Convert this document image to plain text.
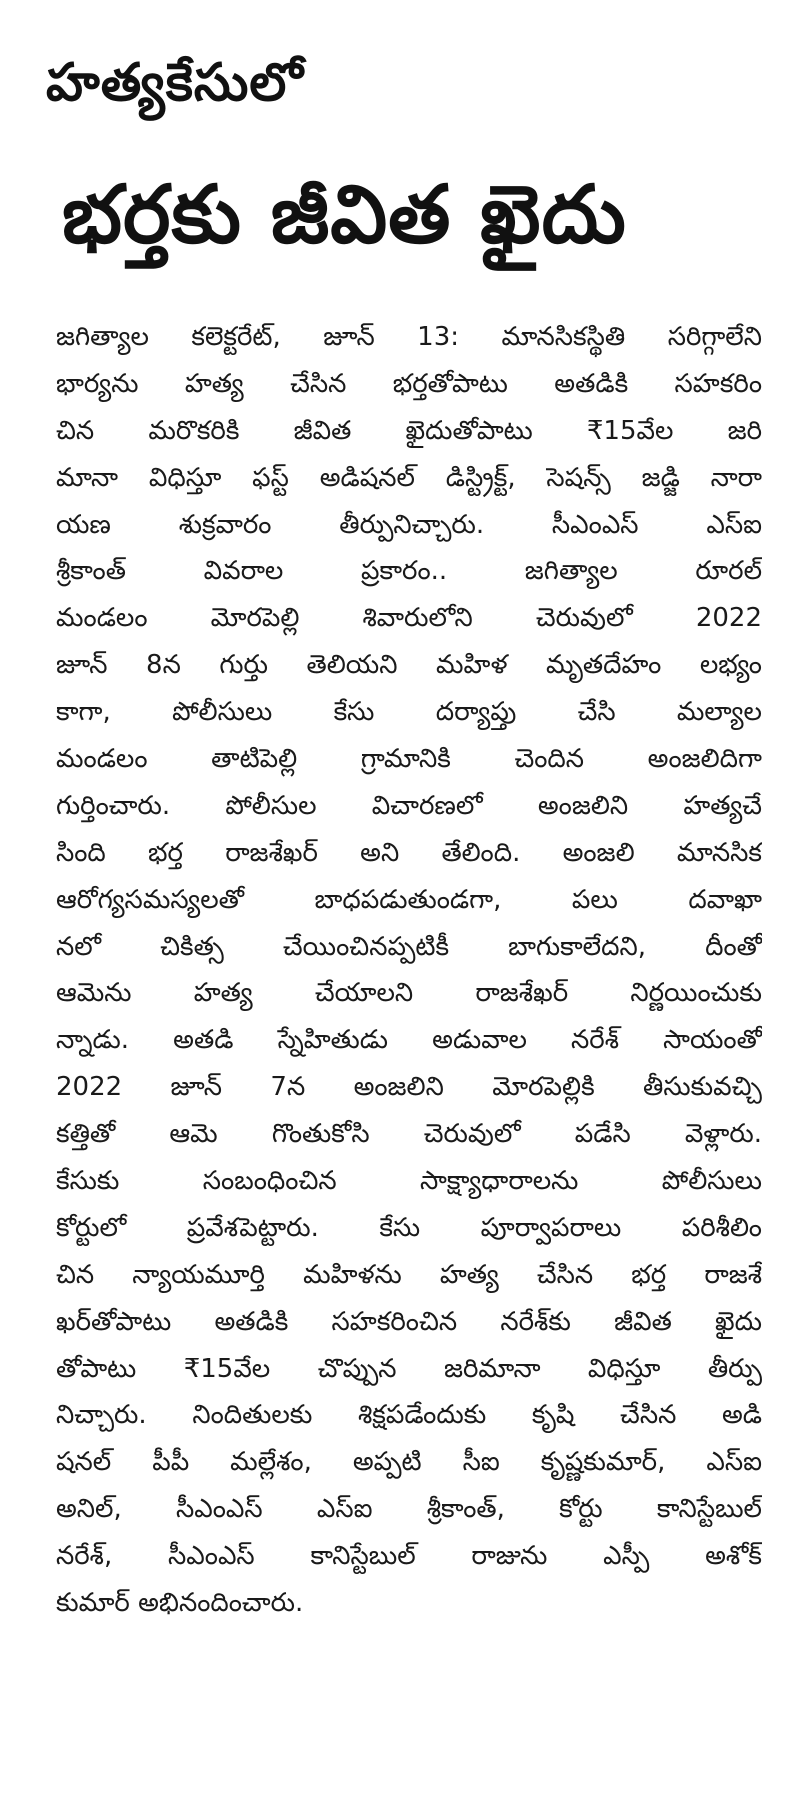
హత్యకేసులో
భర్తకు జీవిత ఖైదు
జగిత్యాల కలెక్టరేట్, జూన్ 13: మానసికస్థితి సరిగ్గాలేని
భార్యను హత్య చేసిన భర్తతోపాటు అతడికి సహకరిం
చిన మరొకరికి జీవిత ఖైదుతోపాటు ₹15వేల జరి
మానా విధిస్తూ ఫస్ట్ అడిషనల్ డిస్ట్రిక్ట్, సెషన్స్ జడ్జి నారా
యణ శుక్రవారం తీర్పునిచ్చారు. సీఎంఎస్ ఎస్ఐ
శ్రీకాంత్ వివరాల ప్రకారం.. జగిత్యాల రూరల్
మండలం మోరపెల్లి శివారులోని చెరువులో 2022
జూన్ 8న గుర్తు తెలియని మహిళ మృతదేహం లభ్యం
కాగా, పోలీసులు కేసు దర్యాప్తు చేసి మల్యాల
మండలం తాటిపెల్లి గ్రామానికి చెందిన అంజలిదిగా
గుర్తించారు. పోలీసుల విచారణలో అంజలిని హత్యచే
సింది భర్త రాజశేఖర్ అని తేలింది. అంజలి మానసిక
ఆరోగ్యసమస్యలతో బాధపడుతుండగా, పలు దవాఖా
నలో చికిత్స చేయించినప్పటికీ బాగుకాలేదని, దీంతో
ఆమెను హత్య చేయాలని రాజశేఖర్ నిర్ణయించుకు
న్నాడు. అతడి స్నేహితుడు అడువాల నరేశ్ సాయంతో
2022 జూన్ 7న అంజలిని మోరపెల్లికి తీసుకువచ్చి
కత్తితో ఆమె గొంతుకోసి చెరువులో పడేసి వెళ్లారు.
కేసుకు సంబంధించిన సాక్ష్యాధారాలను పోలీసులు
కోర్టులో ప్రవేశపెట్టారు. కేసు పూర్వాపరాలు పరిశీలిం
చిన న్యాయమూర్తి మహిళను హత్య చేసిన భర్త రాజశే
ఖర్‌తోపాటు అతడికి సహకరించిన నరేశ్‌కు జీవిత ఖైదు
తోపాటు ₹15వేల చొప్పున జరిమానా విధిస్తూ తీర్పు
నిచ్చారు. నిందితులకు శిక్షపడేందుకు కృషి చేసిన అడి
షనల్ పీపీ మల్లేశం, అప్పటి సీఐ కృష్ణకుమార్, ఎస్ఐ
అనిల్, సీఎంఎస్ ఎస్ఐ శ్రీకాంత్, కోర్టు కానిస్టేబుల్
నరేశ్, సీఎంఎస్ కానిస్టేబుల్ రాజును ఎస్పీ అశోక్
కుమార్ అభినందించారు.
